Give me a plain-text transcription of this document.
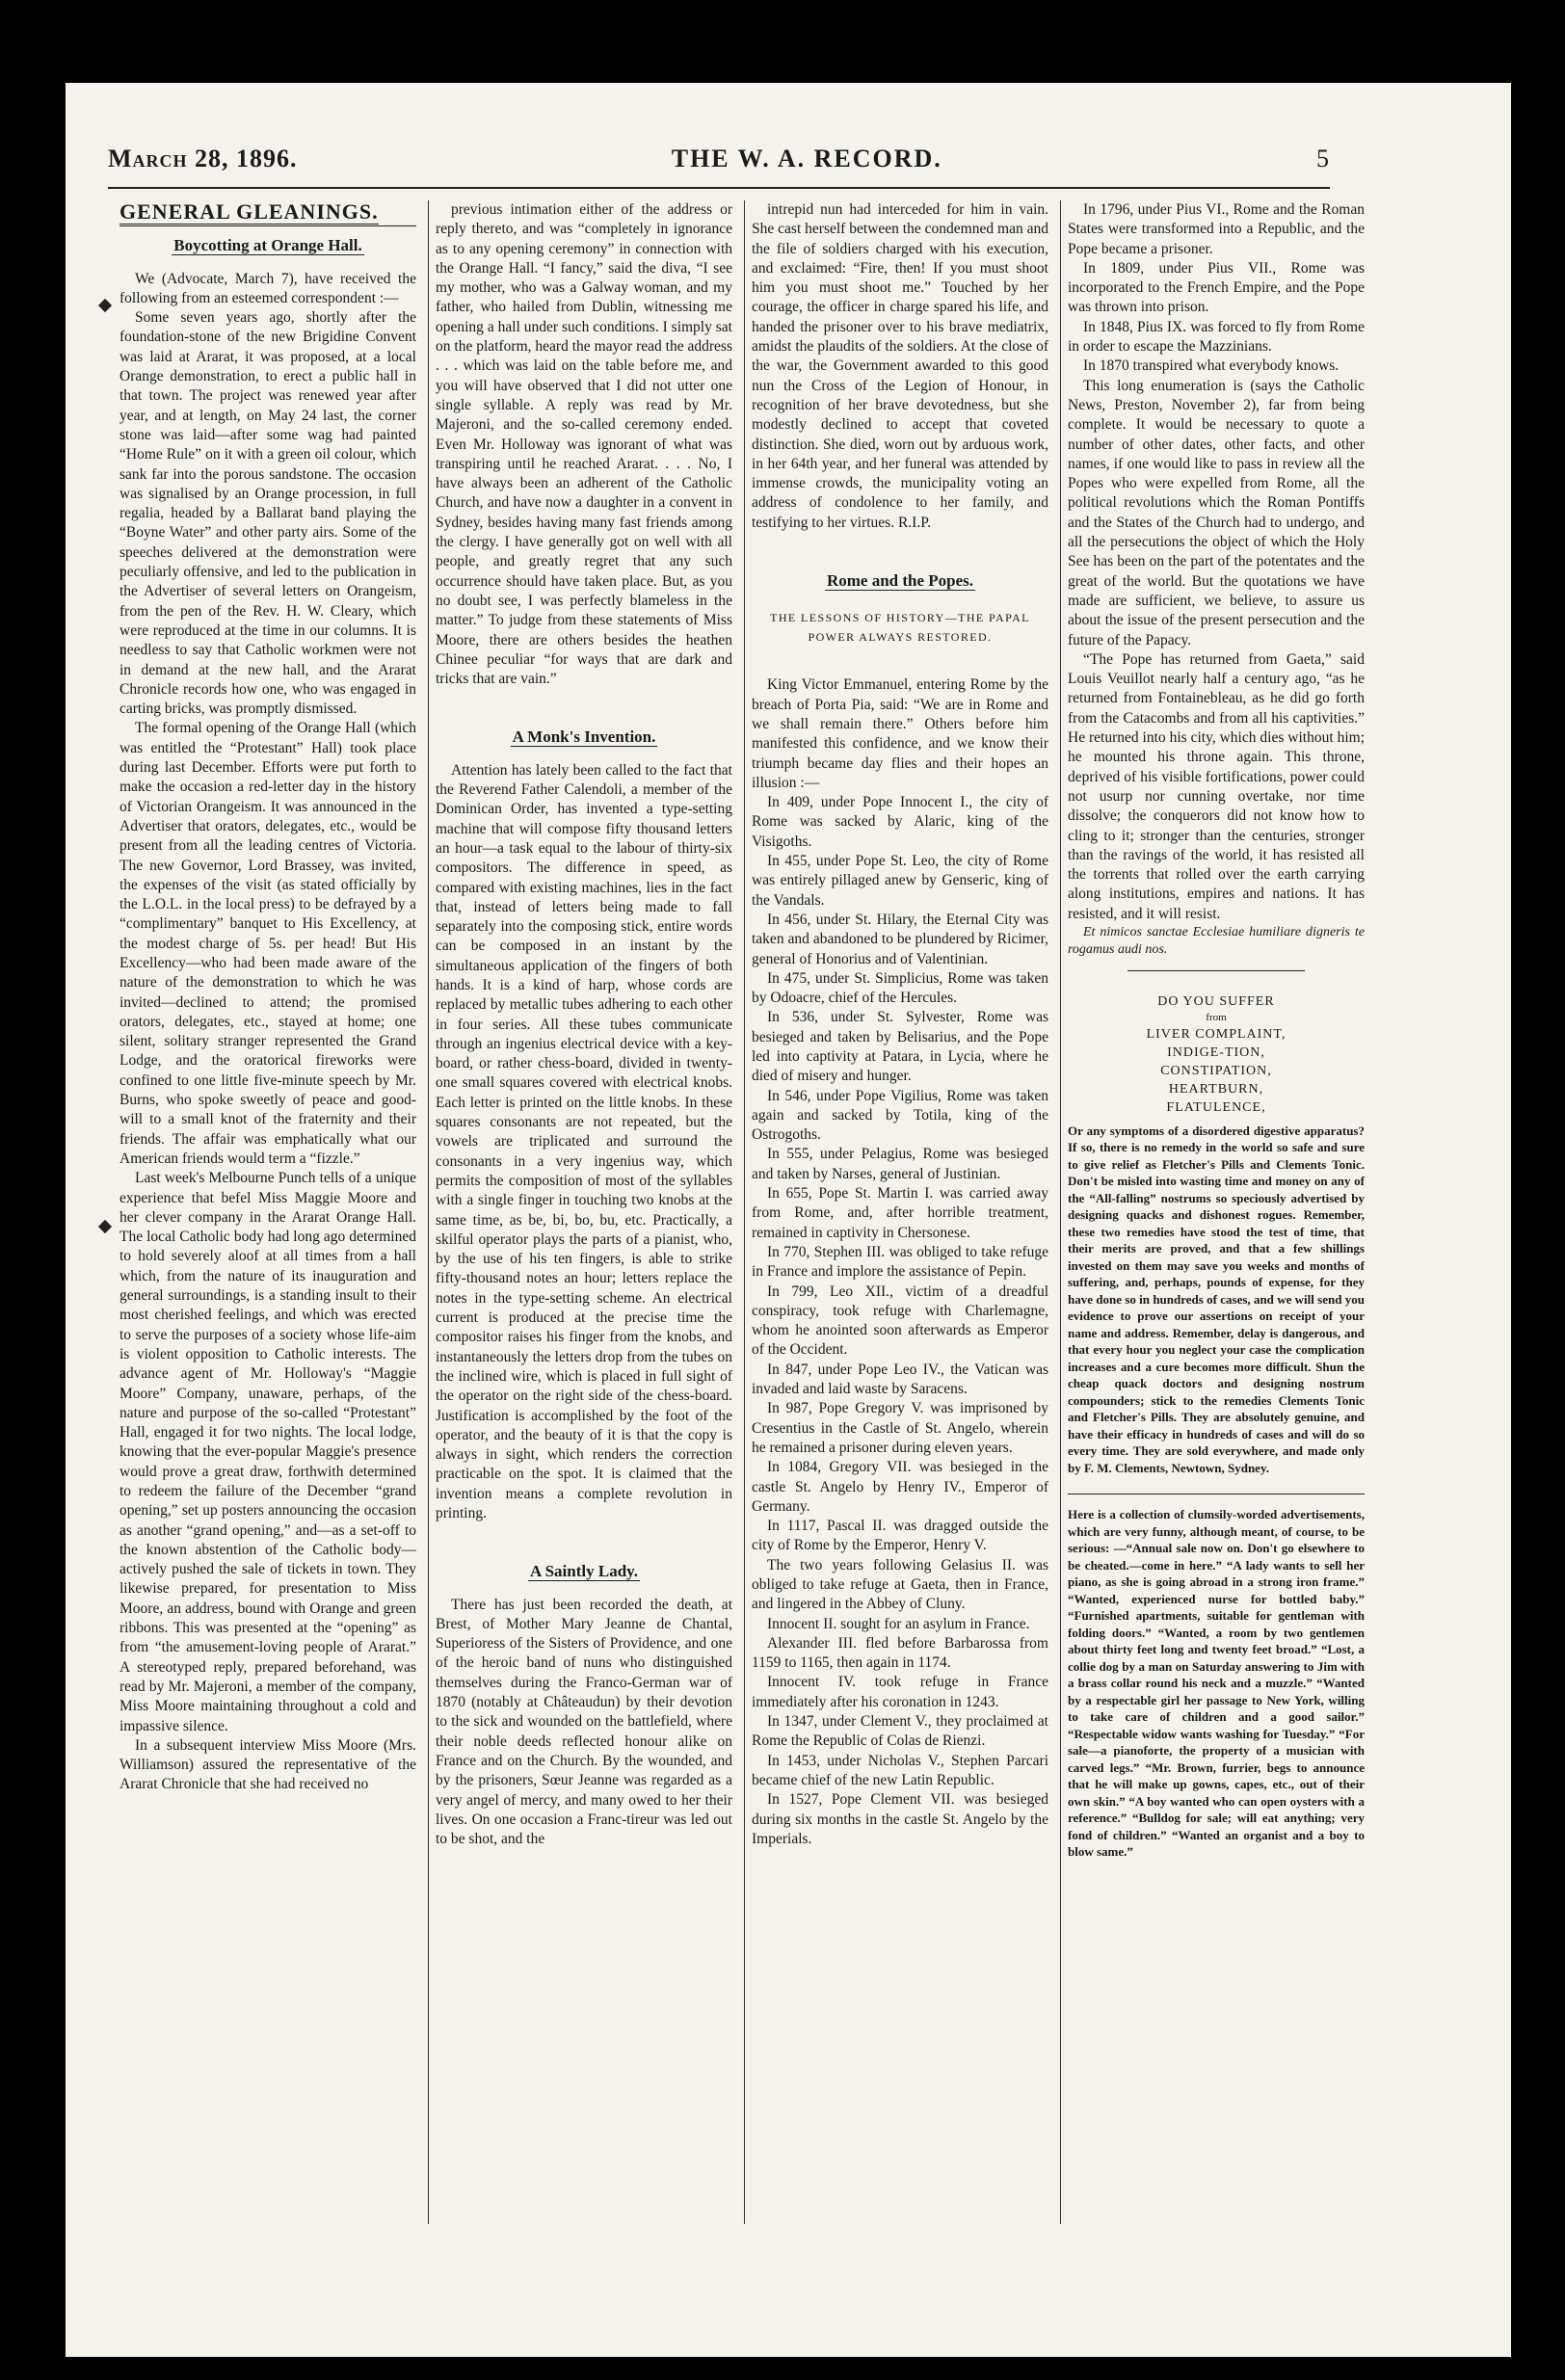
March 28, 1896.	THE W. A. RECORD.	5
GENERAL GLEANINGS.
Boycotting at Orange Hall.

We (Advocate, March 7), have received the following from an esteemed correspondent :—

Some seven years ago, shortly after the foundation-stone of the new Brigidine Convent was laid at Ararat, it was proposed, at a local Orange demonstration, to erect a public hall in that town. The project was renewed year after year, and at length, on May 24 last, the corner stone was laid—after some wag had painted “Home Rule” on it with a green oil colour, which sank far into the porous sandstone. The occasion was signalised by an Orange procession, in full regalia, headed by a Ballarat band playing the “Boyne Water” and other party airs. Some of the speeches delivered at the demonstration were peculiarly offensive, and led to the publication in the Advertiser of several letters on Orangeism, from the pen of the Rev. H. W. Cleary, which were reproduced at the time in our columns. It is needless to say that Catholic workmen were not in demand at the new hall, and the Ararat Chronicle records how one, who was engaged in carting bricks, was promptly dismissed.

The formal opening of the Orange Hall (which was entitled the “Protestant” Hall) took place during last December. Efforts were put forth to make the occasion a red-letter day in the history of Victorian Orangeism. It was announced in the Advertiser that orators, delegates, etc., would be present from all the leading centres of Victoria. The new Governor, Lord Brassey, was invited, the expenses of the visit (as stated officially by the L.O.L. in the local press) to be defrayed by a “complimentary” banquet to His Excellency, at the modest charge of 5s. per head! But His Excellency—who had been made aware of the nature of the demonstration to which he was invited—declined to attend; the promised orators, delegates, etc., stayed at home; one silent, solitary stranger represented the Grand Lodge, and the oratorical fireworks were confined to one little five-minute speech by Mr. Burns, who spoke sweetly of peace and good-will to a small knot of the fraternity and their friends. The affair was emphatically what our American friends would term a “fizzle.”

Last week's Melbourne Punch tells of a unique experience that befel Miss Maggie Moore and her clever company in the Ararat Orange Hall. The local Catholic body had long ago determined to hold severely aloof at all times from a hall which, from the nature of its inauguration and general surroundings, is a standing insult to their most cherished feelings, and which was erected to serve the purposes of a society whose life-aim is violent opposition to Catholic interests. The advance agent of Mr. Holloway's “Maggie Moore” Company, unaware, perhaps, of the nature and purpose of the so-called “Protestant” Hall, engaged it for two nights. The local lodge, knowing that the ever-popular Maggie's presence would prove a great draw, forthwith determined to redeem the failure of the December “grand opening,” set up posters announcing the occasion as another “grand opening,” and—as a set-off to the known abstention of the Catholic body—actively pushed the sale of tickets in town. They likewise prepared, for presentation to Miss Moore, an address, bound with Orange and green ribbons. This was presented at the “opening” as from “the amusement-loving people of Ararat.” A stereotyped reply, prepared beforehand, was read by Mr. Majeroni, a member of the company, Miss Moore maintaining throughout a cold and impassive silence.

In a subsequent interview Miss Moore (Mrs. Williamson) assured the representative of the Ararat Chronicle that she had received no

previous intimation either of the address or reply thereto, and was “completely in ignorance as to any opening ceremony” in connection with the Orange Hall. “I fancy,” said the diva, “I see my mother, who was a Galway woman, and my father, who hailed from Dublin, witnessing me opening a hall under such conditions. I simply sat on the platform, heard the mayor read the address . . . which was laid on the table before me, and you will have observed that I did not utter one single syllable. A reply was read by Mr. Majeroni, and the so-called ceremony ended. Even Mr. Holloway was ignorant of what was transpiring until he reached Ararat. . . . No, I have always been an adherent of the Catholic Church, and have now a daughter in a convent in Sydney, besides having many fast friends among the clergy. I have generally got on well with all people, and greatly regret that any such occurrence should have taken place. But, as you no doubt see, I was perfectly blameless in the matter.” To judge from these statements of Miss Moore, there are others besides the heathen Chinee peculiar “for ways that are dark and tricks that are vain.”

A Monk's Invention.

Attention has lately been called to the fact that the Reverend Father Calendoli, a member of the Dominican Order, has invented a type-setting machine that will compose fifty thousand letters an hour—a task equal to the labour of thirty-six compositors. The difference in speed, as compared with existing machines, lies in the fact that, instead of letters being made to fall separately into the composing stick, entire words can be composed in an instant by the simultaneous application of the fingers of both hands. It is a kind of harp, whose cords are replaced by metallic tubes adhering to each other in four series. All these tubes communicate through an ingenius electrical device with a key-board, or rather chess-board, divided in twenty-one small squares covered with electrical knobs. Each letter is printed on the little knobs. In these squares consonants are not repeated, but the vowels are triplicated and surround the consonants in a very ingenius way, which permits the composition of most of the syllables with a single finger in touching two knobs at the same time, as be, bi, bo, bu, etc. Practically, a skilful operator plays the parts of a pianist, who, by the use of his ten fingers, is able to strike fifty-thousand notes an hour; letters replace the notes in the type-setting scheme. An electrical current is produced at the precise time the compositor raises his finger from the knobs, and instantaneously the letters drop from the tubes on the inclined wire, which is placed in full sight of the operator on the right side of the chess-board. Justification is accomplished by the foot of the operator, and the beauty of it is that the copy is always in sight, which renders the correction practicable on the spot. It is claimed that the invention means a complete revolution in printing.

A Saintly Lady.

There has just been recorded the death, at Brest, of Mother Mary Jeanne de Chantal, Superioress of the Sisters of Providence, and one of the heroic band of nuns who distinguished themselves during the Franco-German war of 1870 (notably at Châteaudun) by their devotion to the sick and wounded on the battlefield, where their noble deeds reflected honour alike on France and on the Church. By the wounded, and by the prisoners, Sœur Jeanne was regarded as a very angel of mercy, and many owed to her their lives. On one occasion a Franc-tireur was led out to be shot, and the

intrepid nun had interceded for him in vain. She cast herself between the condemned man and the file of soldiers charged with his execution, and exclaimed: “Fire, then! If you must shoot him you must shoot me.” Touched by her courage, the officer in charge spared his life, and handed the prisoner over to his brave mediatrix, amidst the plaudits of the soldiers. At the close of the war, the Government awarded to this good nun the Cross of the Legion of Honour, in recognition of her brave devotedness, but she modestly declined to accept that coveted distinction. She died, worn out by arduous work, in her 64th year, and her funeral was attended by immense crowds, the municipality voting an address of condolence to her family, and testifying to her virtues. R.I.P.

Rome and the Popes.
THE LESSONS OF HISTORY—THE PAPAL POWER ALWAYS RESTORED.

King Victor Emmanuel, entering Rome by the breach of Porta Pia, said: “We are in Rome and we shall remain there.” Others before him manifested this confidence, and we know their triumph became day flies and their hopes an illusion :—

In 409, under Pope Innocent I., the city of Rome was sacked by Alaric, king of the Visigoths.

In 455, under Pope St. Leo, the city of Rome was entirely pillaged anew by Genseric, king of the Vandals.

In 456, under St. Hilary, the Eternal City was taken and abandoned to be plundered by Ricimer, general of Honorius and of Valentinian.

In 475, under St. Simplicius, Rome was taken by Odoacre, chief of the Hercules.

In 536, under St. Sylvester, Rome was besieged and taken by Belisarius, and the Pope led into captivity at Patara, in Lycia, where he died of misery and hunger.

In 546, under Pope Vigilius, Rome was taken again and sacked by Totila, king of the Ostrogoths.

In 555, under Pelagius, Rome was besieged and taken by Narses, general of Justinian.

In 655, Pope St. Martin I. was carried away from Rome, and, after horrible treatment, remained in captivity in Chersonese.

In 770, Stephen III. was obliged to take refuge in France and implore the assistance of Pepin.

In 799, Leo XII., victim of a dreadful conspiracy, took refuge with Charlemagne, whom he anointed soon afterwards as Emperor of the Occident.

In 847, under Pope Leo IV., the Vatican was invaded and laid waste by Saracens.

In 987, Pope Gregory V. was imprisoned by Cresentius in the Castle of St. Angelo, wherein he remained a prisoner during eleven years.

In 1084, Gregory VII. was besieged in the castle St. Angelo by Henry IV., Emperor of Germany.

In 1117, Pascal II. was dragged outside the city of Rome by the Emperor, Henry V.

The two years following Gelasius II. was obliged to take refuge at Gaeta, then in France, and lingered in the Abbey of Cluny.

Innocent II. sought for an asylum in France.

Alexander III. fled before Barbarossa from 1159 to 1165, then again in 1174.

Innocent IV. took refuge in France immediately after his coronation in 1243.

In 1347, under Clement V., they proclaimed at Rome the Republic of Colas de Rienzi.

In 1453, under Nicholas V., Stephen Parcari became chief of the new Latin Republic.

In 1527, Pope Clement VII. was besieged during six months in the castle St. Angelo by the Imperials.

In 1796, under Pius VI., Rome and the Roman States were transformed into a Republic, and the Pope became a prisoner.

In 1809, under Pius VII., Rome was incorporated to the French Empire, and the Pope was thrown into prison.

In 1848, Pius IX. was forced to fly from Rome in order to escape the Mazzinians.

In 1870 transpired what everybody knows.

This long enumeration is (says the Catholic News, Preston, November 2), far from being complete. It would be necessary to quote a number of other dates, other facts, and other names, if one would like to pass in review all the Popes who were expelled from Rome, all the political revolutions which the Roman Pontiffs and the States of the Church had to undergo, and all the persecutions the object of which the Holy See has been on the part of the potentates and the great of the world. But the quotations we have made are sufficient, we believe, to assure us about the issue of the present persecution and the future of the Papacy.

“The Pope has returned from Gaeta,” said Louis Veuillot nearly half a century ago, “as he returned from Fontainebleau, as he did go forth from the Catacombs and from all his captivities.” He returned into his city, which dies without him; he mounted his throne again. This throne, deprived of his visible fortifications, power could not usurp nor cunning overtake, nor time dissolve; the conquerors did not know how to cling to it; stronger than the centuries, stronger than the ravings of the world, it has resisted all the torrents that rolled over the earth carrying along institutions, empires and nations. It has resisted, and it will resist.

Et nimicos sanctae Ecclesiae humiliare digneris te rogamus audi nos.

DO YOU SUFFER
from
LIVER COMPLAINT,
INDIGE-TION,
CONSTIPATION,
HEARTBURN,
FLATULENCE,
Or any symptoms of a disordered digestive apparatus? If so, there is no remedy in the world so safe and sure to give relief as Fletcher's Pills and Clements Tonic. Don't be misled into wasting time and money on any of the “All-falling” nostrums so speciously advertised by designing quacks and dishonest rogues. Remember, these two remedies have stood the test of time, that their merits are proved, and that a few shillings invested on them may save you weeks and months of suffering, and, perhaps, pounds of expense, for they have done so in hundreds of cases, and we will send you evidence to prove our assertions on receipt of your name and address. Remember, delay is dangerous, and that every hour you neglect your case the complication increases and a cure becomes more difficult. Shun the cheap quack doctors and designing nostrum compounders; stick to the remedies Clements Tonic and Fletcher's Pills. They are absolutely genuine, and have their efficacy in hundreds of cases and will do so every time. They are sold everywhere, and made only by F. M. Clements, Newtown, Sydney.

Here is a collection of clumsily-worded advertisements, which are very funny, although meant, of course, to be serious: —“Annual sale now on. Don't go elsewhere to be cheated.—come in here.” “A lady wants to sell her piano, as she is going abroad in a strong iron frame.” “Wanted, experienced nurse for bottled baby.” “Furnished apartments, suitable for gentleman with folding doors.” “Wanted, a room by two gentlemen about thirty feet long and twenty feet broad.” “Lost, a collie dog by a man on Saturday answering to Jim with a brass collar round his neck and a muzzle.” “Wanted by a respectable girl her passage to New York, willing to take care of children and a good sailor.” “Respectable widow wants washing for Tuesday.” “For sale—a pianoforte, the property of a musician with carved legs.” “Mr. Brown, furrier, begs to announce that he will make up gowns, capes, etc., out of their own skin.” “A boy wanted who can open oysters with a reference.” “Bulldog for sale; will eat anything; very fond of children.” “Wanted an organist and a boy to blow same.”
